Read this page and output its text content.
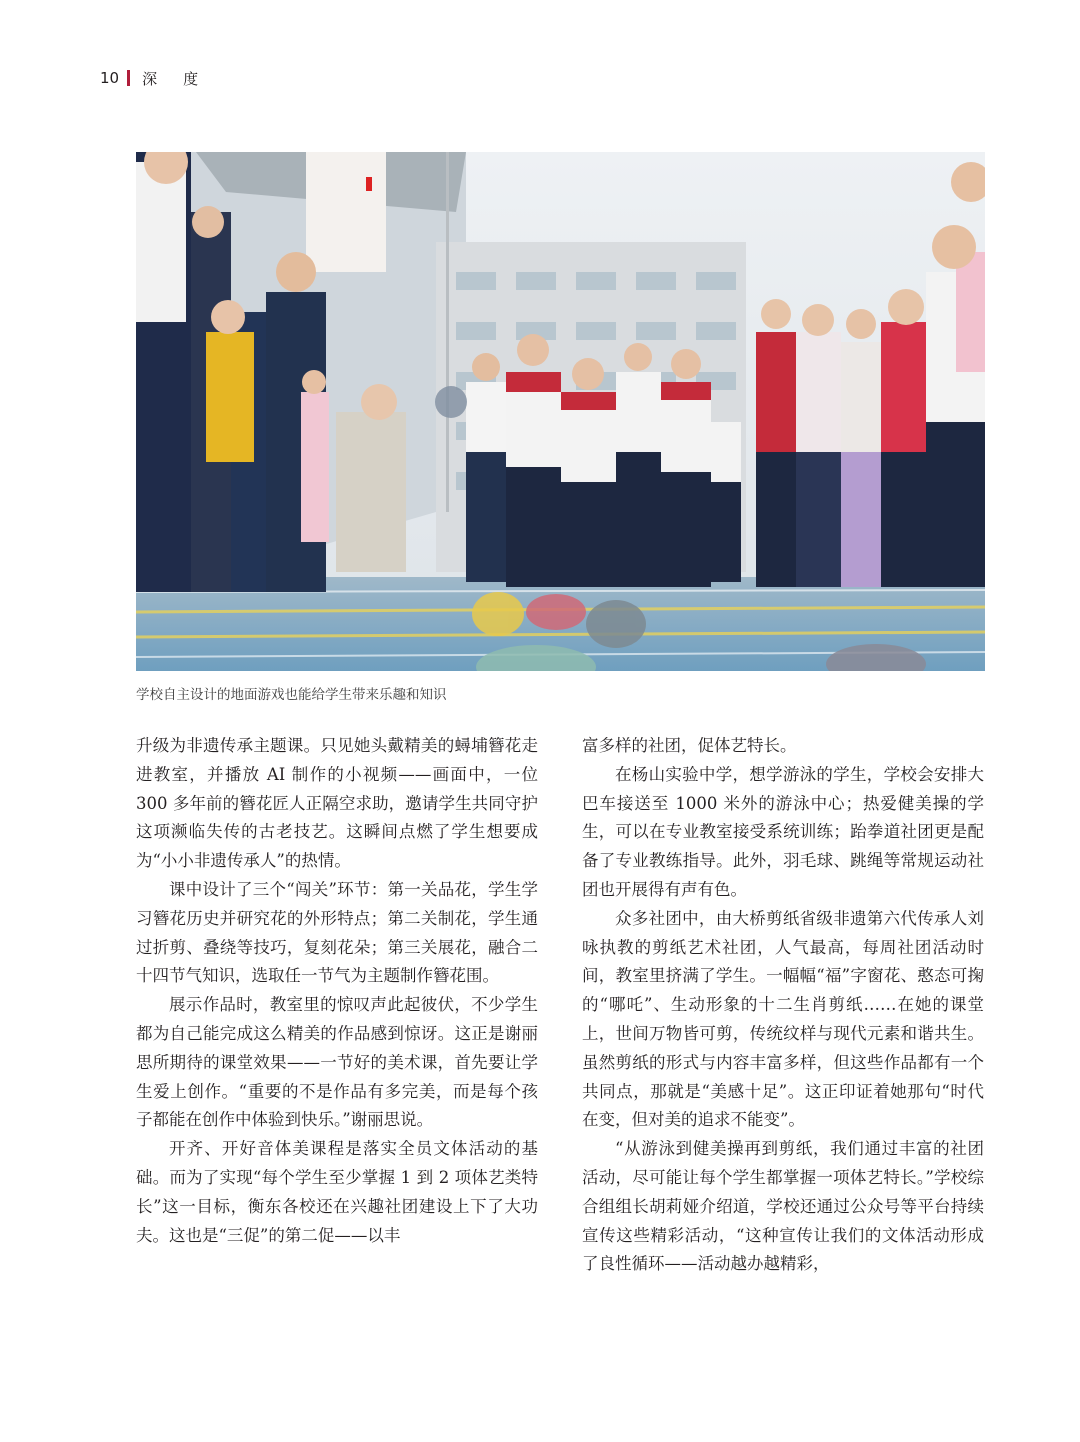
10 深度
学校自主设计的地面游戏也能给学生带来乐趣和知识

升级为非遗传承主题课。只见她头戴精美的蟳埔簪花走进教室，并播放 AI 制作的小视频——画面中，一位 300 多年前的簪花匠人正隔空求助，邀请学生共同守护这项濒临失传的古老技艺。这瞬间点燃了学生想要成为“小小非遗传承人”的热情。

课中设计了三个“闯关”环节：第一关品花，学生学习簪花历史并研究花的外形特点；第二关制花，学生通过折剪、叠绕等技巧，复刻花朵；第三关展花，融合二十四节气知识，选取任一节气为主题制作簪花围。

展示作品时，教室里的惊叹声此起彼伏，不少学生都为自己能完成这么精美的作品感到惊讶。这正是谢丽思所期待的课堂效果——一节好的美术课，首先要让学生爱上创作。“重要的不是作品有多完美，而是每个孩子都能在创作中体验到快乐。”谢丽思说。

开齐、开好音体美课程是落实全员文体活动的基础。而为了实现“每个学生至少掌握 1 到 2 项体艺类特长”这一目标，衡东各校还在兴趣社团建设上下了大功夫。这也是“三促”的第二促——以丰

富多样的社团，促体艺特长。

在杨山实验中学，想学游泳的学生，学校会安排大巴车接送至 1000 米外的游泳中心；热爱健美操的学生，可以在专业教室接受系统训练；跆拳道社团更是配备了专业教练指导。此外，羽毛球、跳绳等常规运动社团也开展得有声有色。

众多社团中，由大桥剪纸省级非遗第六代传承人刘咏执教的剪纸艺术社团，人气最高，每周社团活动时间，教室里挤满了学生。一幅幅“福”字窗花、憨态可掬的“哪吒”、生动形象的十二生肖剪纸……在她的课堂上，世间万物皆可剪，传统纹样与现代元素和谐共生。虽然剪纸的形式与内容丰富多样，但这些作品都有一个共同点，那就是“美感十足”。这正印证着她那句“时代在变，但对美的追求不能变”。

“从游泳到健美操再到剪纸，我们通过丰富的社团活动，尽可能让每个学生都掌握一项体艺特长。”学校综合组组长胡莉娅介绍道，学校还通过公众号等平台持续宣传这些精彩活动，“这种宣传让我们的文体活动形成了良性循环——活动越办越精彩，
